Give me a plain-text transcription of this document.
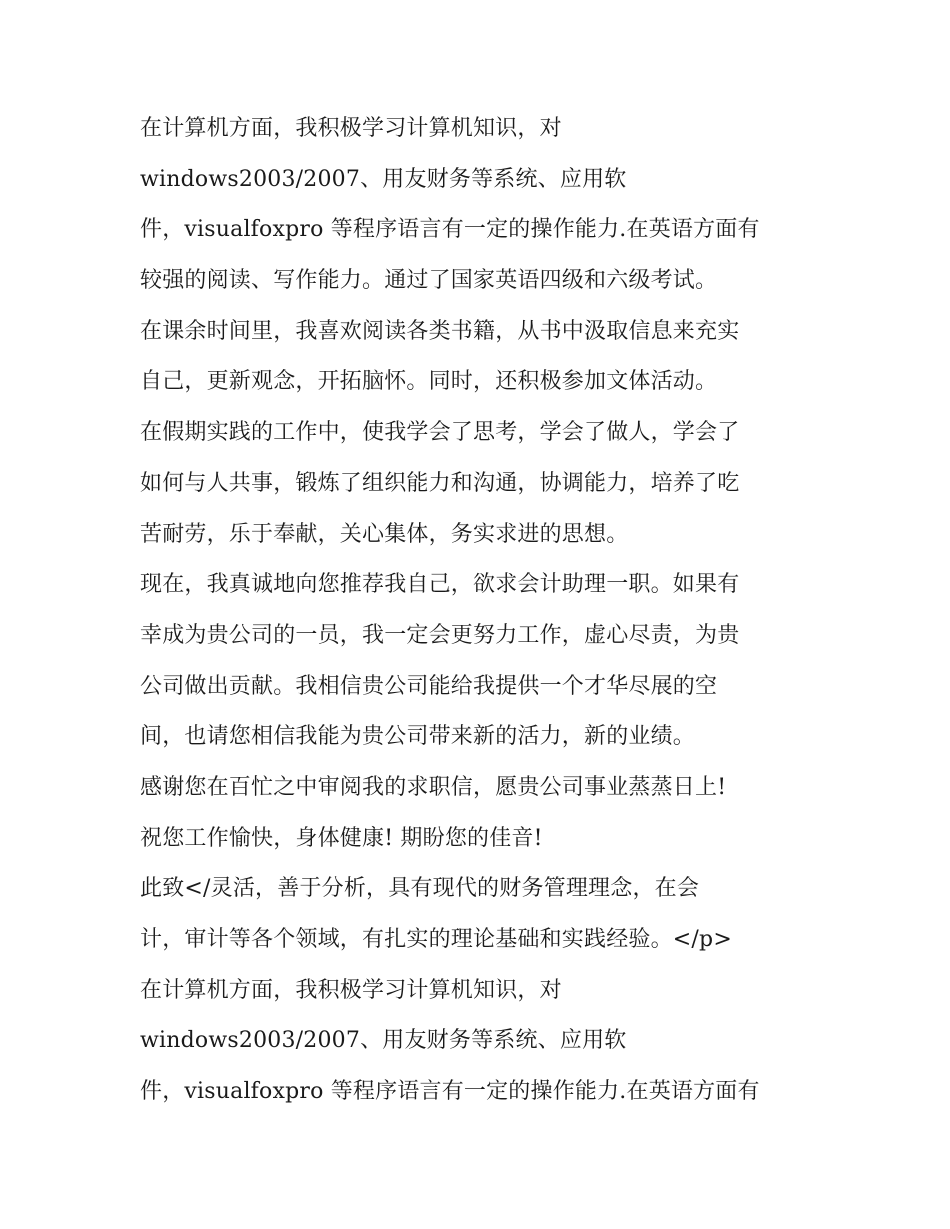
在计算机方面，我积极学习计算机知识，对
windows2003/2007、用友财务等系统、应用软
件，visualfoxpro 等程序语言有一定的操作能力.在英语方面有
较强的阅读、写作能力。通过了国家英语四级和六级考试。
在课余时间里，我喜欢阅读各类书籍，从书中汲取信息来充实
自己，更新观念，开拓脑怀。同时，还积极参加文体活动。
在假期实践的工作中，使我学会了思考，学会了做人，学会了
如何与人共事，锻炼了组织能力和沟通，协调能力，培养了吃
苦耐劳，乐于奉献，关心集体，务实求进的思想。
现在，我真诚地向您推荐我自己，欲求会计助理一职。如果有
幸成为贵公司的一员，我一定会更努力工作，虚心尽责，为贵
公司做出贡献。我相信贵公司能给我提供一个才华尽展的空
间，也请您相信我能为贵公司带来新的活力，新的业绩。
感谢您在百忙之中审阅我的求职信，愿贵公司事业蒸蒸日上!
祝您工作愉快，身体健康! 期盼您的佳音!
此致</灵活，善于分析，具有现代的财务管理理念，在会
计，审计等各个领域，有扎实的理论基础和实践经验。</p>
在计算机方面，我积极学习计算机知识，对
windows2003/2007、用友财务等系统、应用软
件，visualfoxpro 等程序语言有一定的操作能力.在英语方面有
